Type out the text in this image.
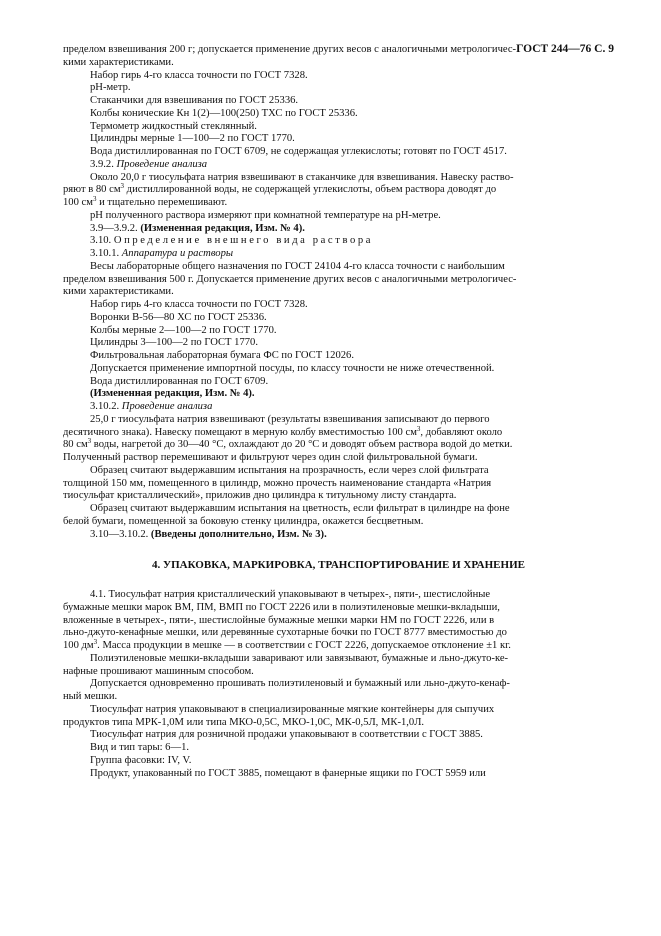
ГОСТ 244—76 С. 9

пределом взвешивания 200 г; допускается применение других весов с аналогичными метрологичес-

кими характеристиками.

Набор гирь 4-го класса точности по ГОСТ 7328.

рН-метр.

Стаканчики для взвешивания по ГОСТ 25336.

Колбы конические Кн 1(2)—100(250) ТХС по ГОСТ 25336.

Термометр жидкостный стеклянный.

Цилиндры мерные 1—100—2 по ГОСТ 1770.

Вода дистиллированная по ГОСТ 6709, не содержащая углекислоты; готовят по ГОСТ 4517.

3.9.2. Проведение анализа

Около 20,0 г тиосульфата натрия взвешивают в стаканчике для взвешивания. Навеску раство-

ряют в 80 $см^3$ дистиллированной воды, не содержащей углекислоты, объем раствора доводят до

100 $см^3$ и тщательно перемешивают.

рН полученного раствора измеряют при комнатной температуре на рН-метре.

3.9—3.9.2. (Измененная редакция, Изм. № 4).

3.10. Определение внешнего вида раствора

3.10.1. Аппаратура и растворы

Весы лабораторные общего назначения по ГОСТ 24104 4-го класса точности с наибольшим

пределом взвешивания 500 г. Допускается применение других весов с аналогичными метрологичес-

кими характеристиками.

Набор гирь 4-го класса точности по ГОСТ 7328.

Воронки В-56—80 ХС по ГОСТ 25336.

Колбы мерные 2—100—2 по ГОСТ 1770.

Цилиндры 3—100—2 по ГОСТ 1770.

Фильтровальная лабораторная бумага ФС по ГОСТ 12026.

Допускается применение импортной посуды, по классу точности не ниже отечественной.

Вода дистиллированная по ГОСТ 6709.

(Измененная редакция, Изм. № 4).

3.10.2. Проведение анализа

25,0 г тиосульфата натрия взвешивают (результаты взвешивания записывают до первого

десятичного знака). Навеску помещают в мерную колбу вместимостью 100 $см^3$, добавляют около

80 $см^3$ воды, нагретой до 30—40 °С, охлаждают до 20 °С и доводят объем раствора водой до метки.

Полученный раствор перемешивают и фильтруют через один слой фильтровальной бумаги.

Образец считают выдержавшим испытания на прозрачность, если через слой фильтрата

толщиной 150 мм, помещенного в цилиндр, можно прочесть наименование стандарта «Натрия

тиосульфат кристаллический», приложив дно цилиндра к титульному листу стандарта.

Образец считают выдержавшим испытания на цветность, если фильтрат в цилиндре на фоне

белой бумаги, помещенной за боковую стенку цилиндра, окажется бесцветным.

3.10—3.10.2. (Введены дополнительно, Изм. № 3).

4. УПАКОВКА, МАРКИРОВКА, ТРАНСПОРТИРОВАНИЕ И ХРАНЕНИЕ

4.1. Тиосульфат натрия кристаллический упаковывают в четырех-, пяти-, шестислойные

бумажные мешки марок ВМ, ПМ, ВМП по ГОСТ 2226 или в полиэтиленовые мешки-вкладыши,

вложенные в четырех-, пяти-, шестислойные бумажные мешки марки НМ по ГОСТ 2226, или в

льно-джуто-кенафные мешки, или деревянные сухотарные бочки по ГОСТ 8777 вместимостью до

100 $дм^3$. Масса продукции в мешке — в соответствии с ГОСТ 2226, допускаемое отклонение ±1 кг.

Полиэтиленовые мешки-вкладыши заваривают или завязывают, бумажные и льно-джуто-ке-

нафные прошивают машинным способом.

Допускается одновременно прошивать полиэтиленовый и бумажный или льно-джуто-кенаф-

ный мешки.

Тиосульфат натрия упаковывают в специализированные мягкие контейнеры для сыпучих

продуктов типа МРК-1,0М или типа МКО-0,5С, МКО-1,0С, МК-0,5Л, МК-1,0Л.

Тиосульфат натрия для розничной продажи упаковывают в соответствии с ГОСТ 3885.

Вид и тип тары: 6—1.

Группа фасовки: IV, V.

Продукт, упакованный по ГОСТ 3885, помещают в фанерные ящики по ГОСТ 5959 или
